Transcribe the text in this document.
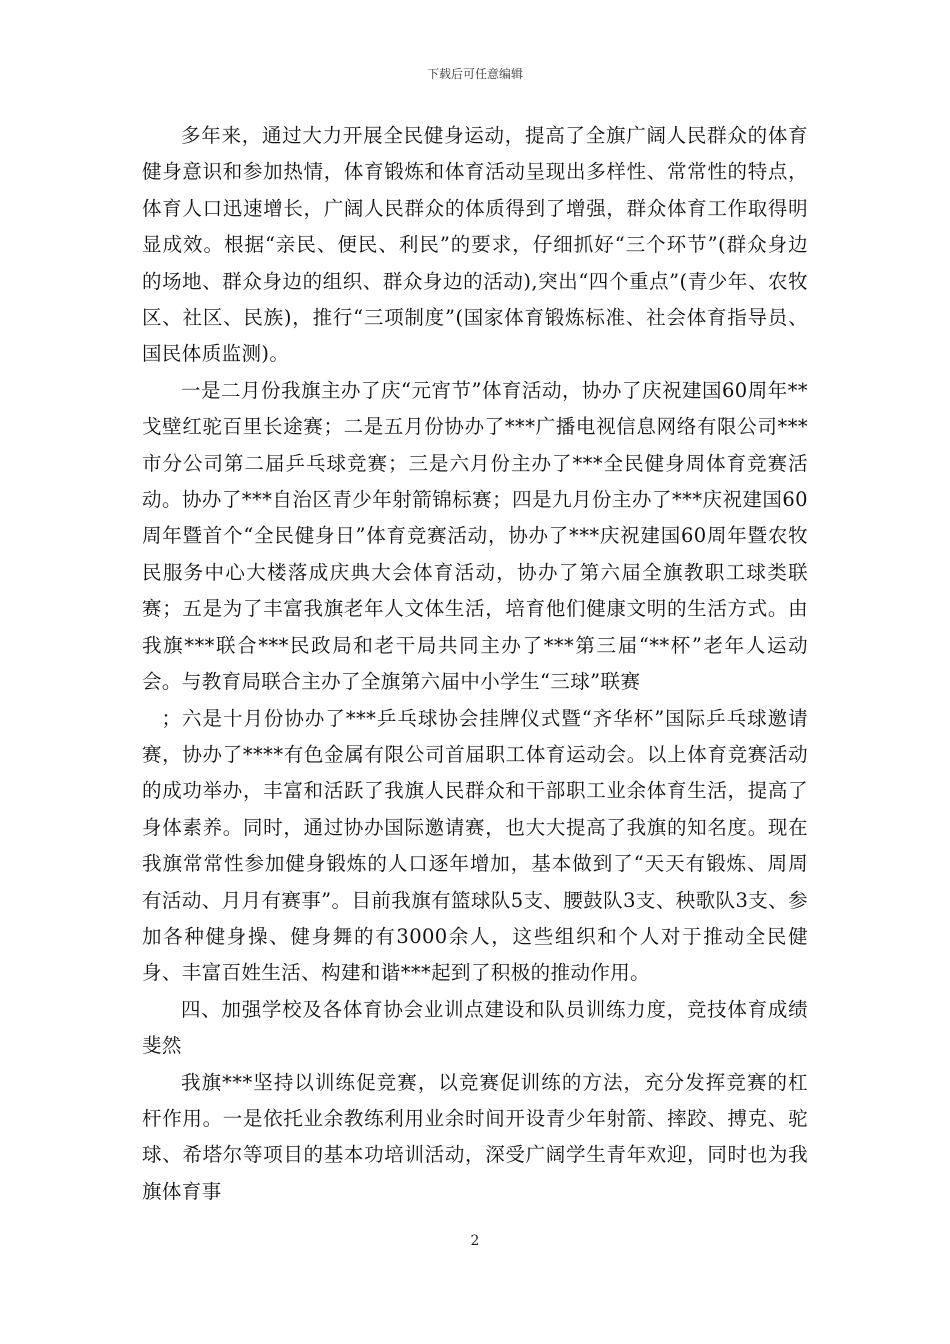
下载后可任意编辑

多年来，通过大力开展全民健身运动，提高了全旗广阔人民群众的体育健身意识和参加热情，体育锻炼和体育活动呈现出多样性、常常性的特点，体育人口迅速增长，广阔人民群众的体质得到了增强，群众体育工作取得明显成效。根据“亲民、便民、利民”的要求，仔细抓好“三个环节”(群众身边的场地、群众身边的组织、群众身边的活动),突出“四个重点”(青少年、农牧区、社区、民族)，推行“三项制度”(国家体育锻炼标准、社会体育指导员、国民体质监测)。

一是二月份我旗主办了庆“元宵节”体育活动，协办了庆祝建国60周年**戈壁红驼百里长途赛；二是五月份协办了***广播电视信息网络有限公司***市分公司第二届乒乓球竞赛；三是六月份主办了***全民健身周体育竞赛活动。协办了***自治区青少年射箭锦标赛；四是九月份主办了***庆祝建国60周年暨首个“全民健身日”体育竞赛活动，协办了***庆祝建国60周年暨农牧民服务中心大楼落成庆典大会体育活动，协办了第六届全旗教职工球类联赛；五是为了丰富我旗老年人文体生活，培育他们健康文明的生活方式。由我旗***联合***民政局和老干局共同主办了***第三届“**杯”老年人运动会。与教育局联合主办了全旗第六届中小学生“三球”联赛

；六是十月份协办了***乒乓球协会挂牌仪式暨“齐华杯”国际乒乓球邀请赛，协办了****有色金属有限公司首届职工体育运动会。以上体育竞赛活动的成功举办，丰富和活跃了我旗人民群众和干部职工业余体育生活，提高了身体素养。同时，通过协办国际邀请赛，也大大提高了我旗的知名度。现在我旗常常性参加健身锻炼的人口逐年增加，基本做到了“天天有锻炼、周周有活动、月月有赛事”。目前我旗有篮球队5支、腰鼓队3支、秧歌队3支、参加各种健身操、健身舞的有3000余人，这些组织和个人对于推动全民健身、丰富百姓生活、构建和谐***起到了积极的推动作用。

四、加强学校及各体育协会业训点建设和队员训练力度，竞技体育成绩斐然

我旗***坚持以训练促竞赛，以竞赛促训练的方法，充分发挥竞赛的杠杆作用。一是依托业余教练利用业余时间开设青少年射箭、摔跤、搏克、驼球、希塔尔等项目的基本功培训活动，深受广阔学生青年欢迎，同时也为我旗体育事

2
